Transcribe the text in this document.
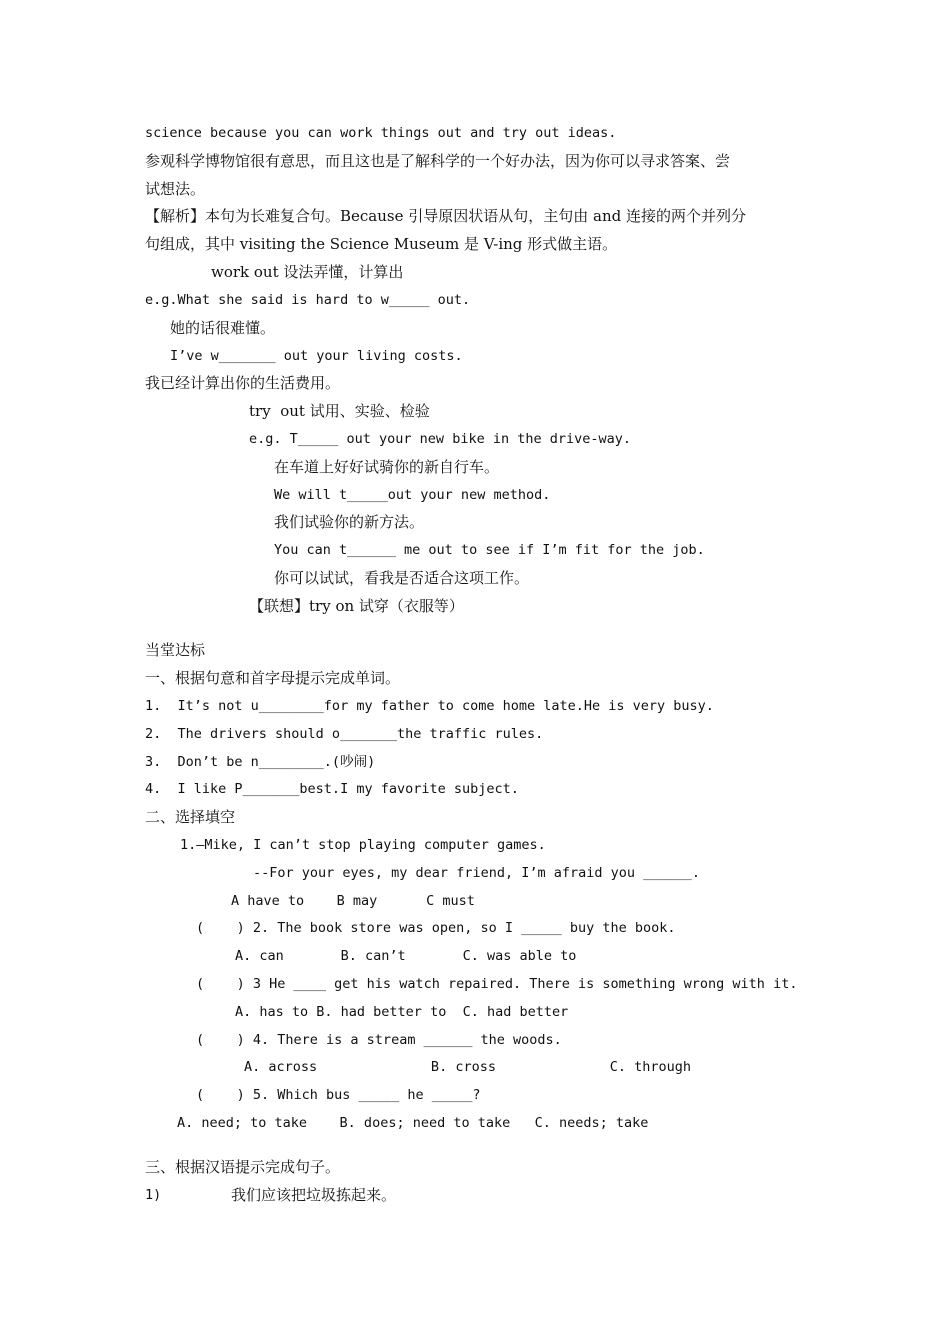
science because you can work things out and try out ideas.
参观科学博物馆很有意思，而且这也是了解科学的一个好办法，因为你可以寻求答案、尝
试想法。
【解析】本句为长难复合句。Because 引导原因状语从句，主句由 and 连接的两个并列分
句组成，其中 visiting the Science Museum 是 V-ing 形式做主语。
work out 设法弄懂，计算出
e.g.What she said is hard to w_____ out.
她的话很难懂。
I’ve w_______ out your living costs.
我已经计算出你的生活费用。
try  out 试用、实验、检验
e.g. T_____ out your new bike in the drive-way.
在车道上好好试骑你的新自行车。
We will t_____out your new method.
我们试验你的新方法。
You can t______ me out to see if I’m fit for the job.
你可以试试，看我是否适合这项工作。
【联想】try on 试穿（衣服等）
当堂达标
一、根据句意和首字母提示完成单词。
1.  It’s not u________for my father to come home late.He is very busy.
2.  The drivers should o_______the traffic rules.
3.  Don’t be n________.(吵闹)
4.  I like P_______best.I my favorite subject.
二、选择填空
1.—Mike, I can’t stop playing computer games.
--For your eyes, my dear friend, I’m afraid you ______.
A have to    B may      C must
(    ) 2. The book store was open, so I _____ buy the book.
A. can       B. can’t       C. was able to
(    ) 3 He ____ get his watch repaired. There is something wrong with it.
A. has to B. had better to  C. had better
(    ) 4. There is a stream ______ the woods.
A. across              B. cross              C. through
(    ) 5. Which bus _____ he _____?
A. need; to take    B. does; need to take   C. needs; take
三、根据汉语提示完成句子。
1)	我们应该把垃圾拣起来。
